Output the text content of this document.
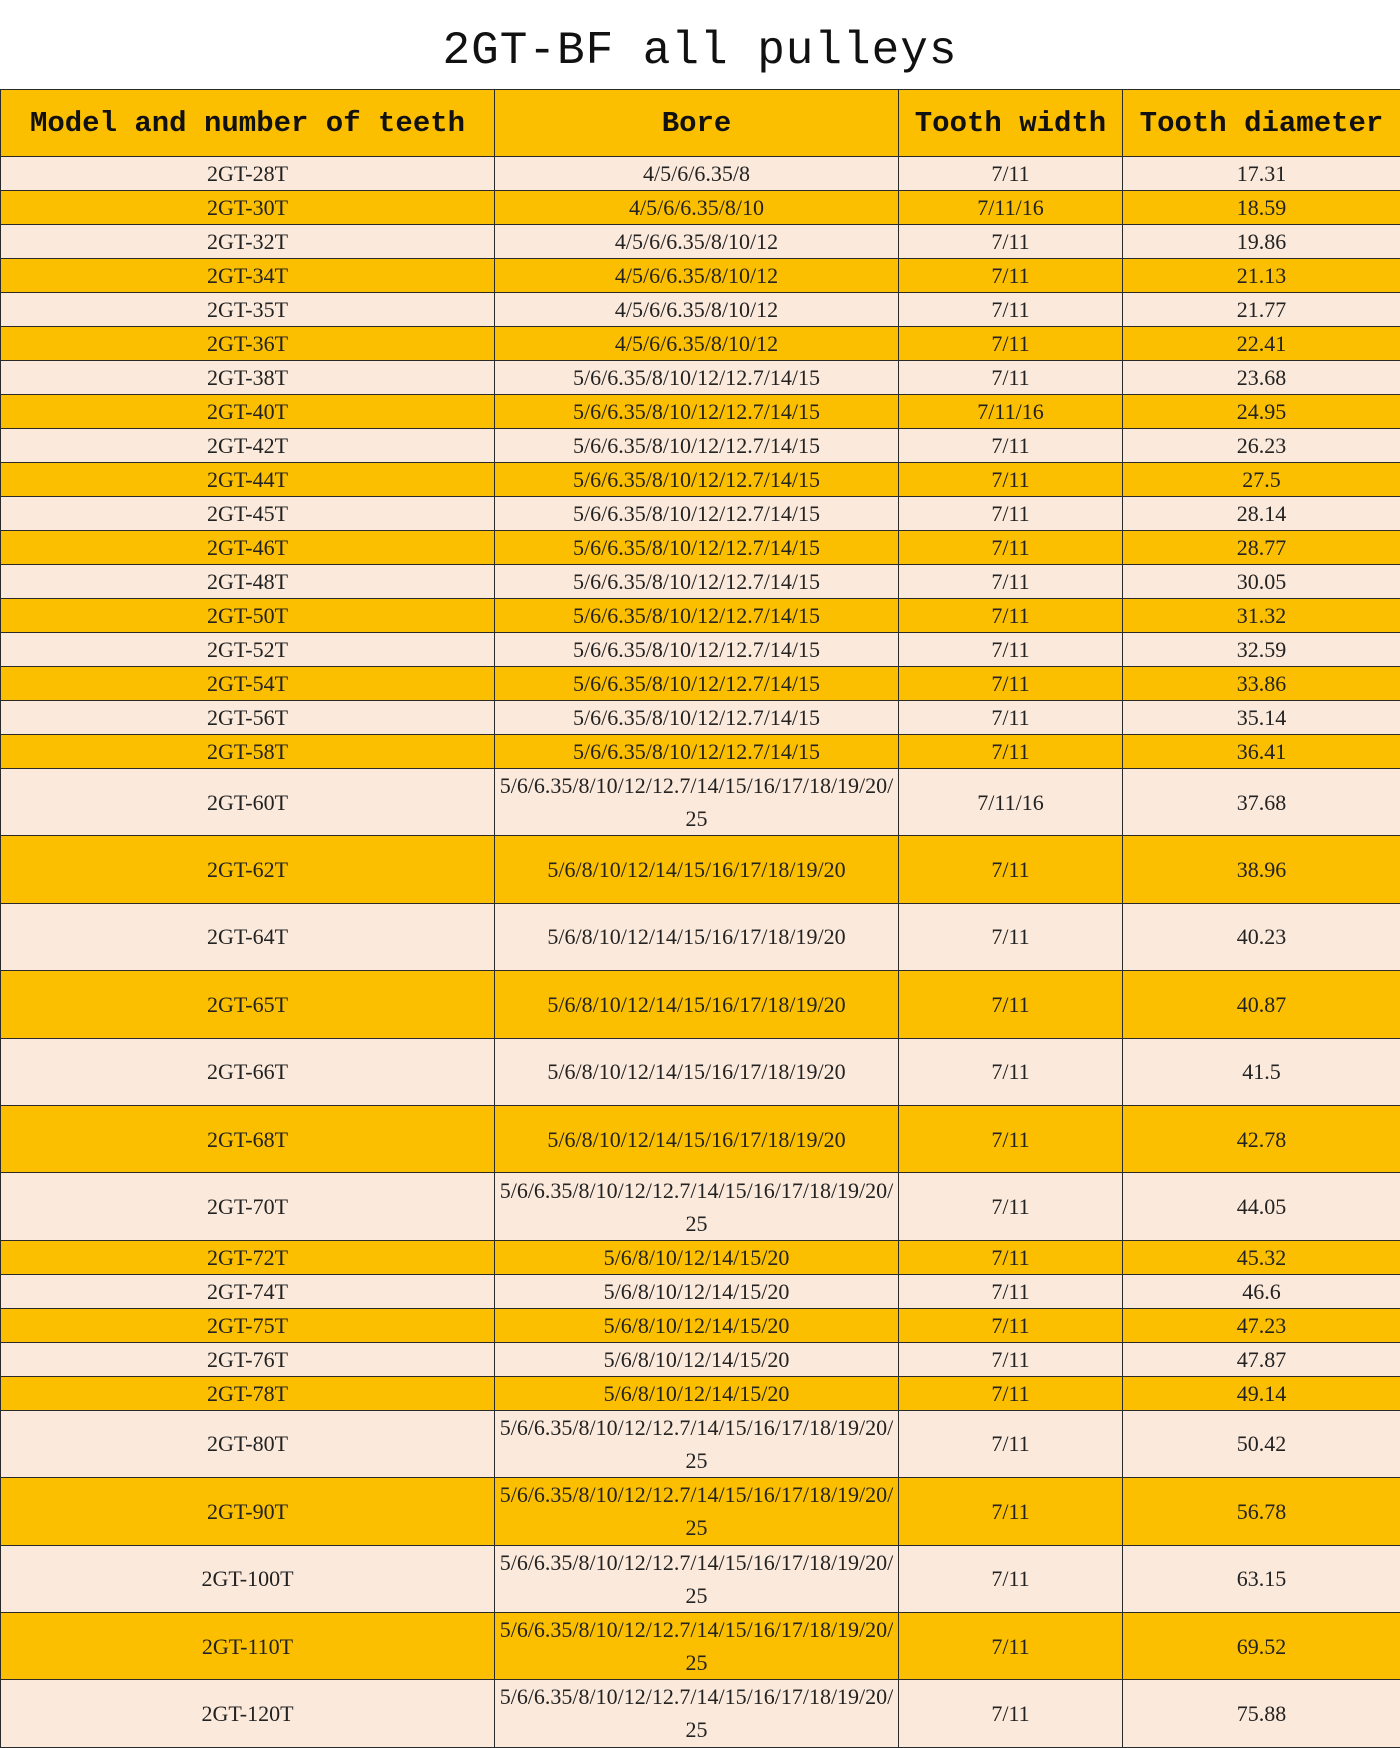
2GT-BF all pulleys
Model and number of teeth	Bore	Tooth width	Tooth diameter
2GT-28T	4/5/6/6.35/8	7/11	17.31
2GT-30T	4/5/6/6.35/8/10	7/11/16	18.59
2GT-32T	4/5/6/6.35/8/10/12	7/11	19.86
2GT-34T	4/5/6/6.35/8/10/12	7/11	21.13
2GT-35T	4/5/6/6.35/8/10/12	7/11	21.77
2GT-36T	4/5/6/6.35/8/10/12	7/11	22.41
2GT-38T	5/6/6.35/8/10/12/12.7/14/15	7/11	23.68
2GT-40T	5/6/6.35/8/10/12/12.7/14/15	7/11/16	24.95
2GT-42T	5/6/6.35/8/10/12/12.7/14/15	7/11	26.23
2GT-44T	5/6/6.35/8/10/12/12.7/14/15	7/11	27.5
2GT-45T	5/6/6.35/8/10/12/12.7/14/15	7/11	28.14
2GT-46T	5/6/6.35/8/10/12/12.7/14/15	7/11	28.77
2GT-48T	5/6/6.35/8/10/12/12.7/14/15	7/11	30.05
2GT-50T	5/6/6.35/8/10/12/12.7/14/15	7/11	31.32
2GT-52T	5/6/6.35/8/10/12/12.7/14/15	7/11	32.59
2GT-54T	5/6/6.35/8/10/12/12.7/14/15	7/11	33.86
2GT-56T	5/6/6.35/8/10/12/12.7/14/15	7/11	35.14
2GT-58T	5/6/6.35/8/10/12/12.7/14/15	7/11	36.41
2GT-60T	5/6/6.35/8/10/12/12.7/14/15/16/17/18/19/20/25	7/11/16	37.68
2GT-62T	5/6/8/10/12/14/15/16/17/18/19/20	7/11	38.96
2GT-64T	5/6/8/10/12/14/15/16/17/18/19/20	7/11	40.23
2GT-65T	5/6/8/10/12/14/15/16/17/18/19/20	7/11	40.87
2GT-66T	5/6/8/10/12/14/15/16/17/18/19/20	7/11	41.5
2GT-68T	5/6/8/10/12/14/15/16/17/18/19/20	7/11	42.78
2GT-70T	5/6/6.35/8/10/12/12.7/14/15/16/17/18/19/20/25	7/11	44.05
2GT-72T	5/6/8/10/12/14/15/20	7/11	45.32
2GT-74T	5/6/8/10/12/14/15/20	7/11	46.6
2GT-75T	5/6/8/10/12/14/15/20	7/11	47.23
2GT-76T	5/6/8/10/12/14/15/20	7/11	47.87
2GT-78T	5/6/8/10/12/14/15/20	7/11	49.14
2GT-80T	5/6/6.35/8/10/12/12.7/14/15/16/17/18/19/20/25	7/11	50.42
2GT-90T	5/6/6.35/8/10/12/12.7/14/15/16/17/18/19/20/25	7/11	56.78
2GT-100T	5/6/6.35/8/10/12/12.7/14/15/16/17/18/19/20/25	7/11	63.15
2GT-110T	5/6/6.35/8/10/12/12.7/14/15/16/17/18/19/20/25	7/11	69.52
2GT-120T	5/6/6.35/8/10/12/12.7/14/15/16/17/18/19/20/25	7/11	75.88
